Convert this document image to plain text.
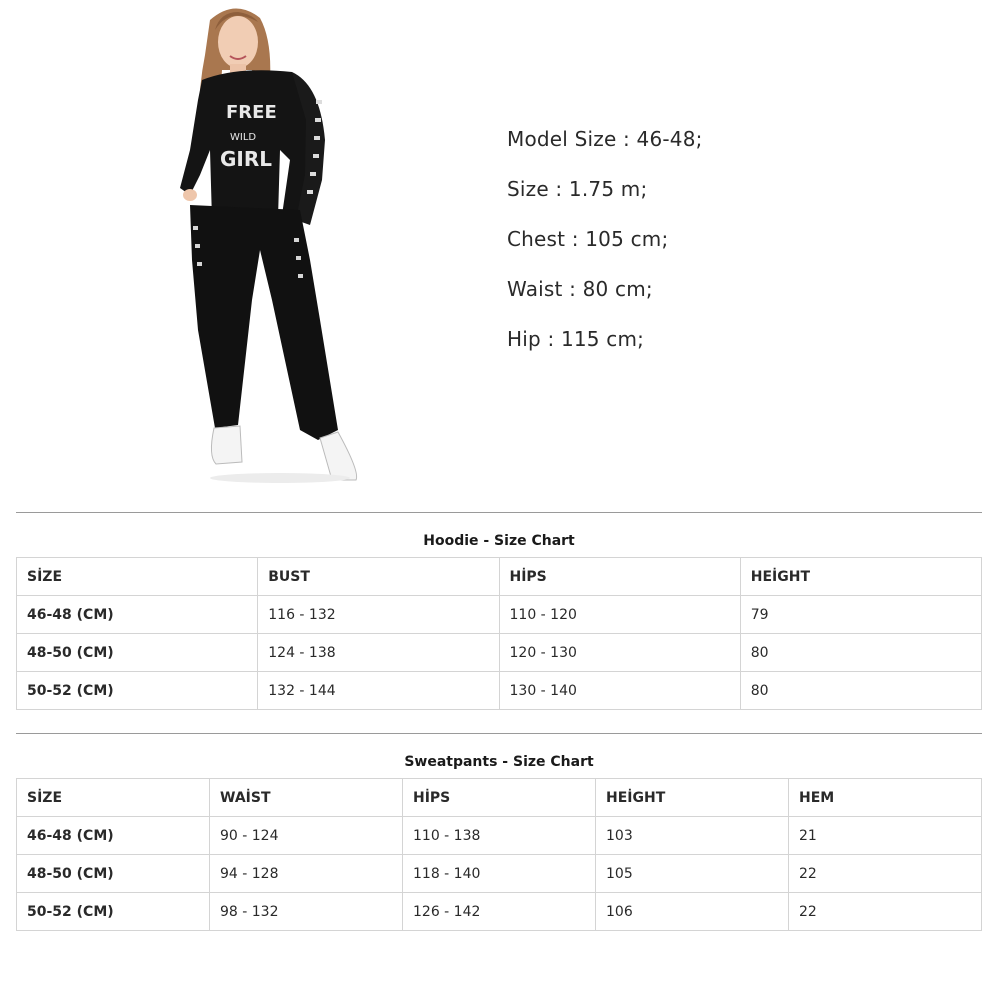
FREE
WILD
GIRL
Model Size : 46-48;
Size : 1.75 m;
Chest : 105 cm;
Waist : 80 cm;
Hip : 115 cm;
Hoodie - Size Chart
SİZE	BUST	HİPS	HEİGHT
46-48 (CM)	116 - 132	110 - 120	79
48-50 (CM)	124 - 138	120 - 130	80
50-52 (CM)	132 - 144	130 - 140	80
Sweatpants - Size Chart
SİZE	WAİST	HİPS	HEİGHT	HEM
46-48 (CM)	90 - 124	110 - 138	103	21
48-50 (CM)	94 - 128	118 - 140	105	22
50-52 (CM)	98 - 132	126 - 142	106	22
